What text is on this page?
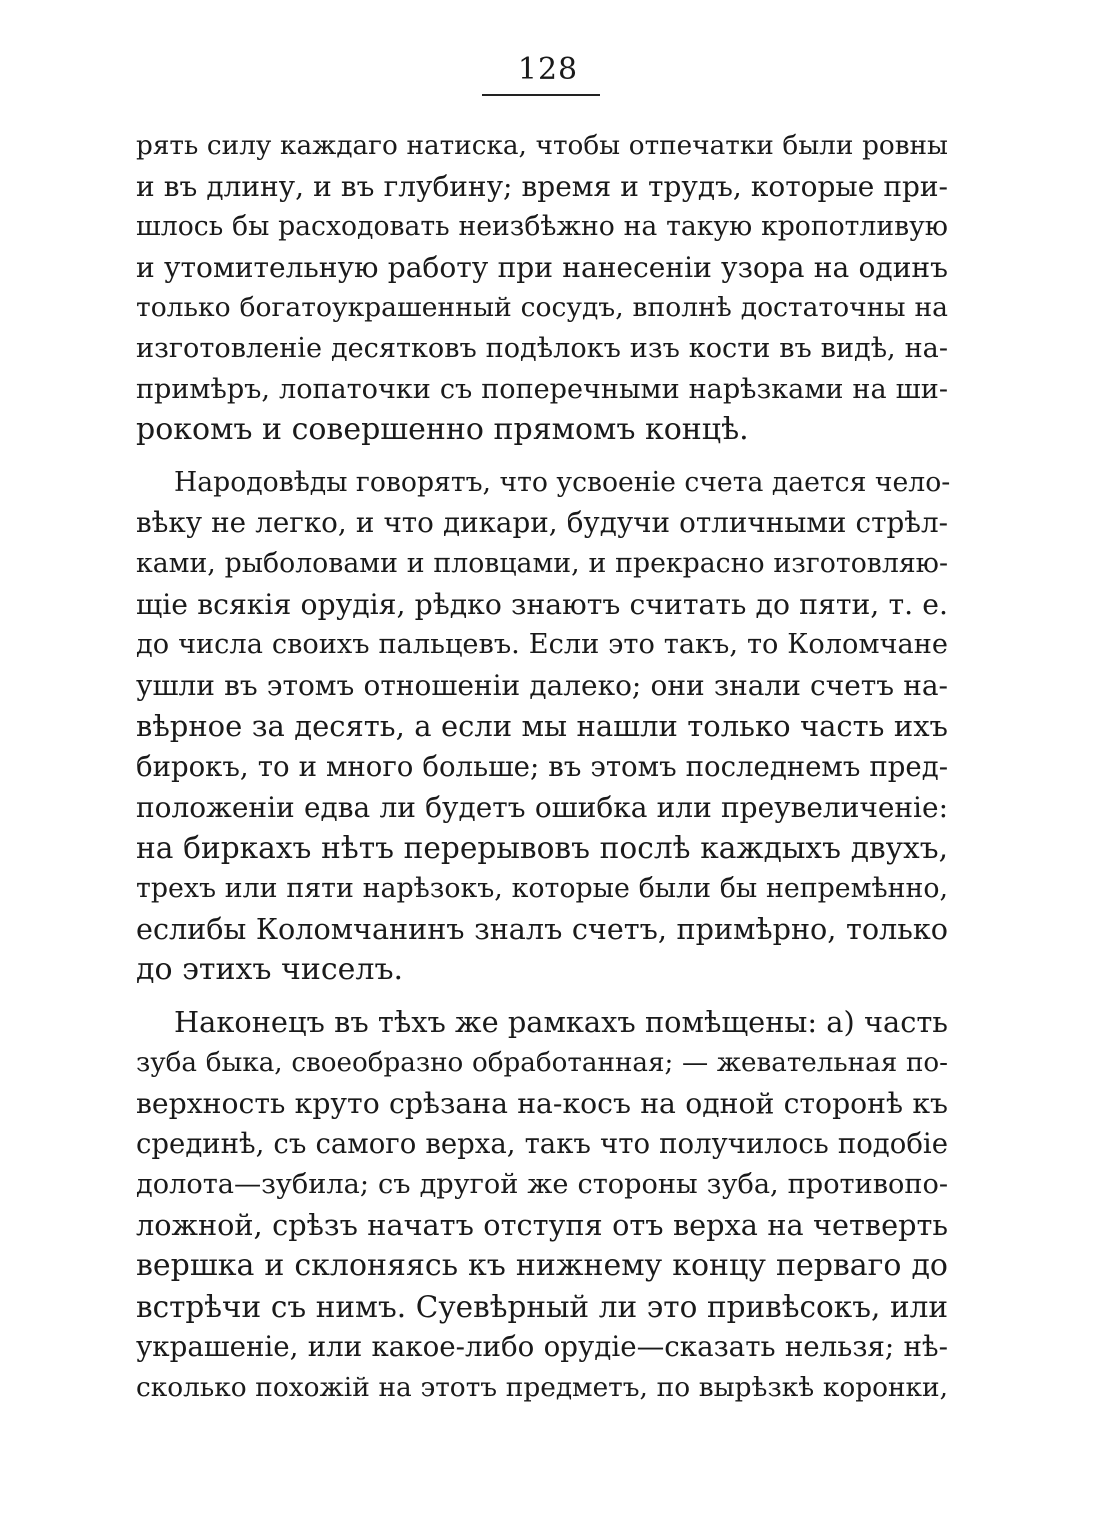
128
рять силу каждаго натиска, чтобы отпечатки были ровны
и въ длину, и въ глубину; время и трудъ, которые при-
шлось бы расходовать неизбѣжно на такую кропотливую
и утомительную работу при нанесенiи узора на одинъ
только богатоукрашенный сосудъ, вполнѣ достаточны на
изготовленiе десятковъ подѣлокъ изъ кости въ видѣ, на-
примѣръ, лопаточки съ поперечными нарѣзками на ши-
рокомъ и совершенно прямомъ концѣ.
Народовѣды говорятъ, что усвоенiе счета дается чело-
вѣку не легко, и что дикари, будучи отличными стрѣл-
ками, рыболовами и пловцами, и прекрасно изготовляю-
щiе всякiя орудiя, рѣдко знаютъ считать до пяти, т. е.
до числа своихъ пальцевъ. Если это такъ, то Коломчане
ушли въ этомъ отношенiи далеко; они знали счетъ на-
вѣрное за десять, а если мы нашли только часть ихъ
бирокъ, то и много больше; въ этомъ последнемъ пред-
положенiи едва ли будетъ ошибка или преувеличенiе:
на биркахъ нѣтъ перерывовъ послѣ каждыхъ двухъ,
трехъ или пяти нарѣзокъ, которые были бы непремѣнно,
еслибы Коломчанинъ зналъ счетъ, примѣрно, только
до этихъ чиселъ.
Наконецъ въ тѣхъ же рамкахъ помѣщены: а) часть
зуба быка, своеобразно обработанная; — жевательная по-
верхность круто срѣзана на-косъ на одной сторонѣ къ
срединѣ, съ самого верха, такъ что получилось подобiе
долота—зубила; съ другой же стороны зуба, противопо-
ложной, срѣзъ начатъ отступя отъ верха на четверть
вершка и склоняясь къ нижнему концу перваго до
встрѣчи съ нимъ. Суевѣрный ли это привѣсокъ, или
украшенiе, или какое-либо орудiе—сказать нельзя; нѣ-
сколько похожiй на этотъ предметъ, по вырѣзкѣ коронки,
